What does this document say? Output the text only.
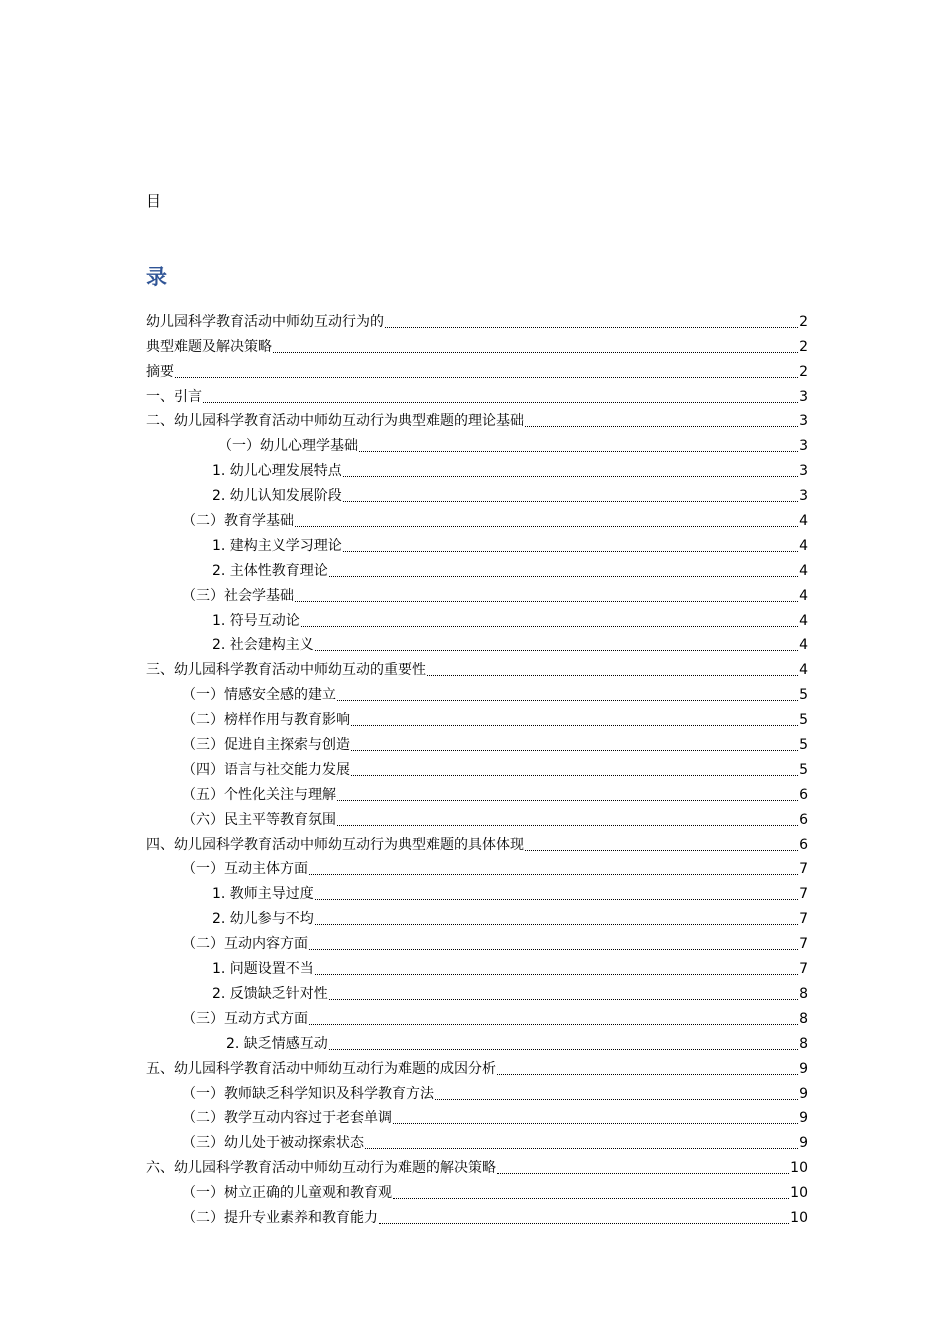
目
录
幼儿园科学教育活动中师幼互动行为的	2
典型难题及解决策略	2
摘要	2
一、引言	3
二、幼儿园科学教育活动中师幼互动行为典型难题的理论基础	3
（一）幼儿心理学基础	3
1. 幼儿心理发展特点	3
2. 幼儿认知发展阶段	3
（二）教育学基础	4
1. 建构主义学习理论	4
2. 主体性教育理论	4
（三）社会学基础	4
1. 符号互动论	4
2. 社会建构主义	4
三、幼儿园科学教育活动中师幼互动的重要性	4
（一）情感安全感的建立	5
（二）榜样作用与教育影响	5
（三）促进自主探索与创造	5
（四）语言与社交能力发展	5
（五）个性化关注与理解	6
（六）民主平等教育氛围	6
四、幼儿园科学教育活动中师幼互动行为典型难题的具体体现	6
（一）互动主体方面	7
1. 教师主导过度	7
2. 幼儿参与不均	7
（二）互动内容方面	7
1. 问题设置不当	7
2. 反馈缺乏针对性	8
（三）互动方式方面	8
2. 缺乏情感互动	8
五、幼儿园科学教育活动中师幼互动行为难题的成因分析	9
（一）教师缺乏科学知识及科学教育方法	9
（二）教学互动内容过于老套单调	9
（三）幼儿处于被动探索状态	9
六、幼儿园科学教育活动中师幼互动行为难题的解决策略	10
（一）树立正确的儿童观和教育观	10
（二）提升专业素养和教育能力	10
